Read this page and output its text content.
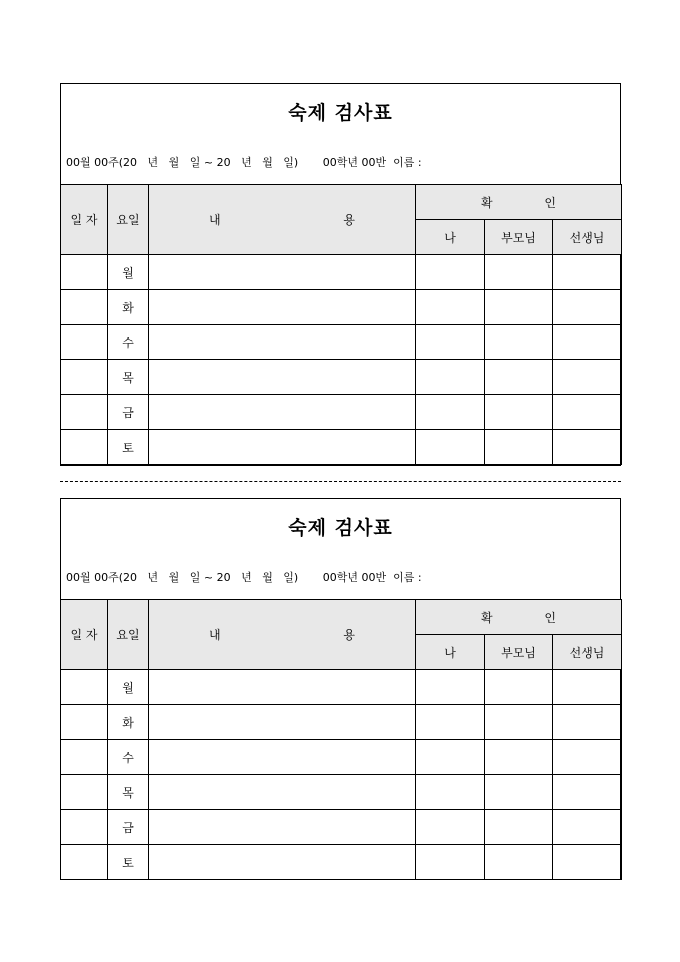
숙제 검사표
00월 00주(20   년   월   일 ~ 20   년   월   일) 00학년 00반  이름 :
일 자	요일	내 용	확 인		

			나	부모님	선생님
	월				
	화				
	수				
	목				
	금				
	토				
숙제 검사표
00월 00주(20   년   월   일 ~ 20   년   월   일) 00학년 00반  이름 :
일 자	요일	내 용	확 인		

			나	부모님	선생님
	월				
	화				
	수				
	목				
	금				
	토				
